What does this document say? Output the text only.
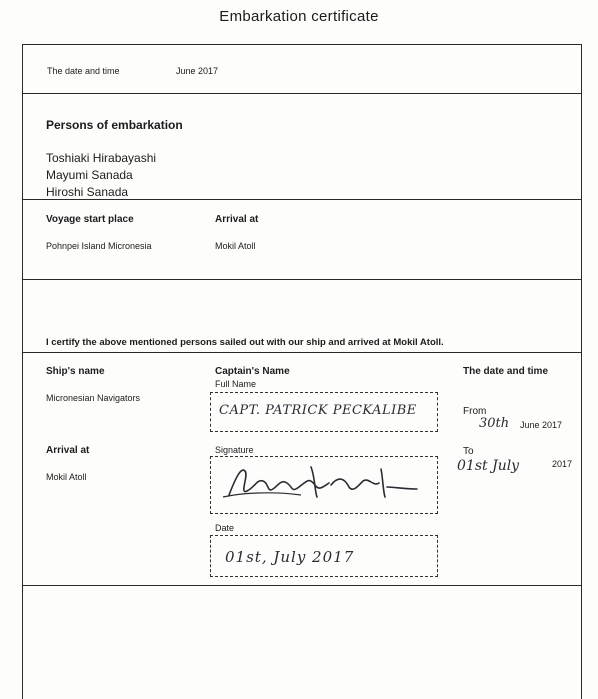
Embarkation certificate
The date and time	June 2017
Persons of embarkation
Toshiaki Hirabayashi
Mayumi Sanada
Hiroshi Sanada
Voyage start place
Pohnpei Island Micronesia
Arrival at
Mokil Atoll
I certify the above mentioned persons sailed out with our ship and arrived at Mokil Atoll.
Ship's name
Micronesian Navigators
Arrival at
Mokil Atoll
Captain's Name
Full Name
CAPT. PATRICK PECKALIBE
Signature
Date
01st, July 2017
The date and time
From
30th June 2017
To
01st July	2017
